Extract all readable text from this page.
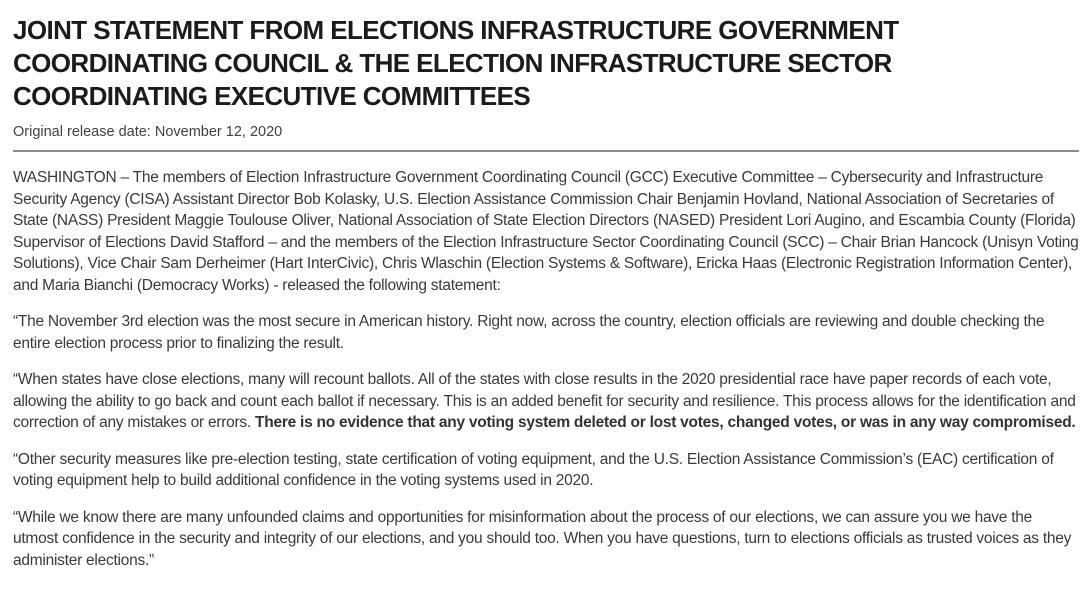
JOINT STATEMENT FROM ELECTIONS INFRASTRUCTURE GOVERNMENT
COORDINATING COUNCIL & THE ELECTION INFRASTRUCTURE SECTOR
COORDINATING EXECUTIVE COMMITTEES
Original release date: November 12, 2020

WASHINGTON – The members of Election Infrastructure Government Coordinating Council (GCC) Executive Committee – Cybersecurity and Infrastructure Security Agency (CISA) Assistant Director Bob Kolasky, U.S. Election Assistance Commission Chair Benjamin Hovland, National Association of Secretaries of State (NASS) President Maggie Toulouse Oliver, National Association of State Election Directors (NASED) President Lori Augino, and Escambia County (Florida) Supervisor of Elections David Stafford – and the members of the Election Infrastructure Sector Coordinating Council (SCC) – Chair Brian Hancock (Unisyn Voting Solutions), Vice Chair Sam Derheimer (Hart InterCivic), Chris Wlaschin (Election Systems & Software), Ericka Haas (Electronic Registration Information Center), and Maria Bianchi (Democracy Works) - released the following statement:

“The November 3rd election was the most secure in American history. Right now, across the country, election officials are reviewing and double checking the entire election process prior to finalizing the result.

“When states have close elections, many will recount ballots. All of the states with close results in the 2020 presidential race have paper records of each vote, allowing the ability to go back and count each ballot if necessary. This is an added benefit for security and resilience. This process allows for the identification and correction of any mistakes or errors. There is no evidence that any voting system deleted or lost votes, changed votes, or was in any way compromised.

“Other security measures like pre-election testing, state certification of voting equipment, and the U.S. Election Assistance Commission’s (EAC) certification of voting equipment help to build additional confidence in the voting systems used in 2020.

“While we know there are many unfounded claims and opportunities for misinformation about the process of our elections, we can assure you we have the utmost confidence in the security and integrity of our elections, and you should too. When you have questions, turn to elections officials as trusted voices as they administer elections.”
